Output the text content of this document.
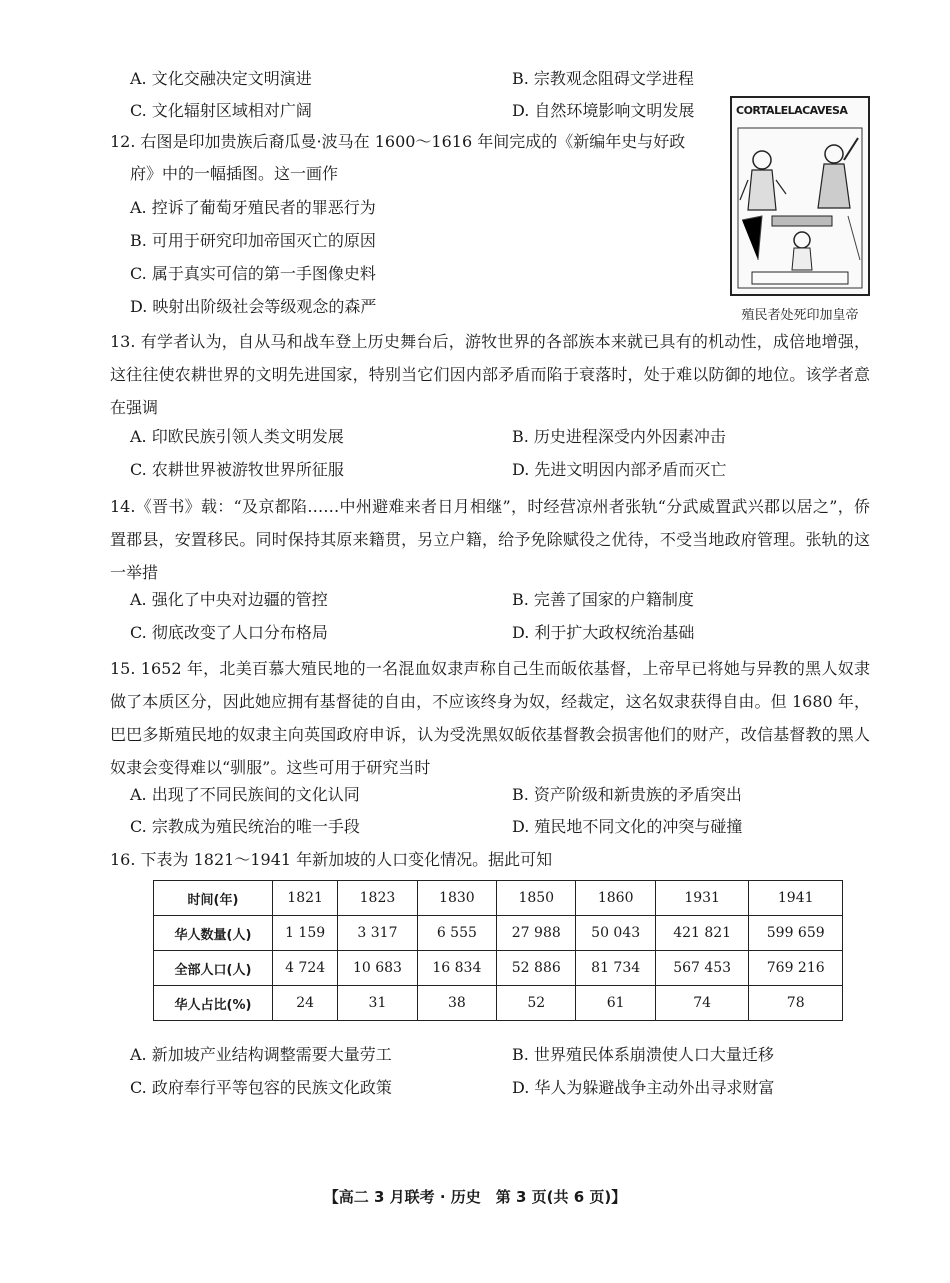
A. 文化交融决定文明演进	B. 宗教观念阻碍文学进程
C. 文化辐射区域相对广阔	D. 自然环境影响文明发展
12. 右图是印加贵族后裔瓜曼·波马在 1600～1616 年间完成的《新编年史与好政
府》中的一幅插图。这一画作
A. 控诉了葡萄牙殖民者的罪恶行为
B. 可用于研究印加帝国灭亡的原因
C. 属于真实可信的第一手图像史料
D. 映射出阶级社会等级观念的森严
CORTALELACAVESA
殖民者处死印加皇帝
13. 有学者认为，自从马和战车登上历史舞台后，游牧世界的各部族本来就已具有的机动性，成倍地增强，这往往使农耕世界的文明先进国家，特别当它们因内部矛盾而陷于衰落时，处于难以防御的地位。该学者意在强调
A. 印欧民族引领人类文明发展	B. 历史进程深受内外因素冲击
C. 农耕世界被游牧世界所征服	D. 先进文明因内部矛盾而灭亡
14.《晋书》载：“及京都陷……中州避难来者日月相继”，时经营凉州者张轨“分武威置武兴郡以居之”，侨置郡县，安置移民。同时保持其原来籍贯，另立户籍，给予免除赋役之优待，不受当地政府管理。张轨的这一举措
A. 强化了中央对边疆的管控	B. 完善了国家的户籍制度
C. 彻底改变了人口分布格局	D. 利于扩大政权统治基础
15. 1652 年，北美百慕大殖民地的一名混血奴隶声称自己生而皈依基督，上帝早已将她与异教的黑人奴隶做了本质区分，因此她应拥有基督徒的自由，不应该终身为奴，经裁定，这名奴隶获得自由。但 1680 年，巴巴多斯殖民地的奴隶主向英国政府申诉，认为受洗黑奴皈依基督教会损害他们的财产，改信基督教的黑人奴隶会变得难以“驯服”。这些可用于研究当时
A. 出现了不同民族间的文化认同	B. 资产阶级和新贵族的矛盾突出
C. 宗教成为殖民统治的唯一手段	D. 殖民地不同文化的冲突与碰撞
16. 下表为 1821～1941 年新加坡的人口变化情况。据此可知
时间(年)	1821	1823	1830	1850	1860	1931	1941
华人数量(人)	1 159	3 317	6 555	27 988	50 043	421 821	599 659
全部人口(人)	4 724	10 683	16 834	52 886	81 734	567 453	769 216
华人占比(%)	24	31	38	52	61	74	78
A. 新加坡产业结构调整需要大量劳工	B. 世界殖民体系崩溃使人口大量迁移
C. 政府奉行平等包容的民族文化政策	D. 华人为躲避战争主动外出寻求财富
【高二 3 月联考 · 历史　第 3 页(共 6 页)】
